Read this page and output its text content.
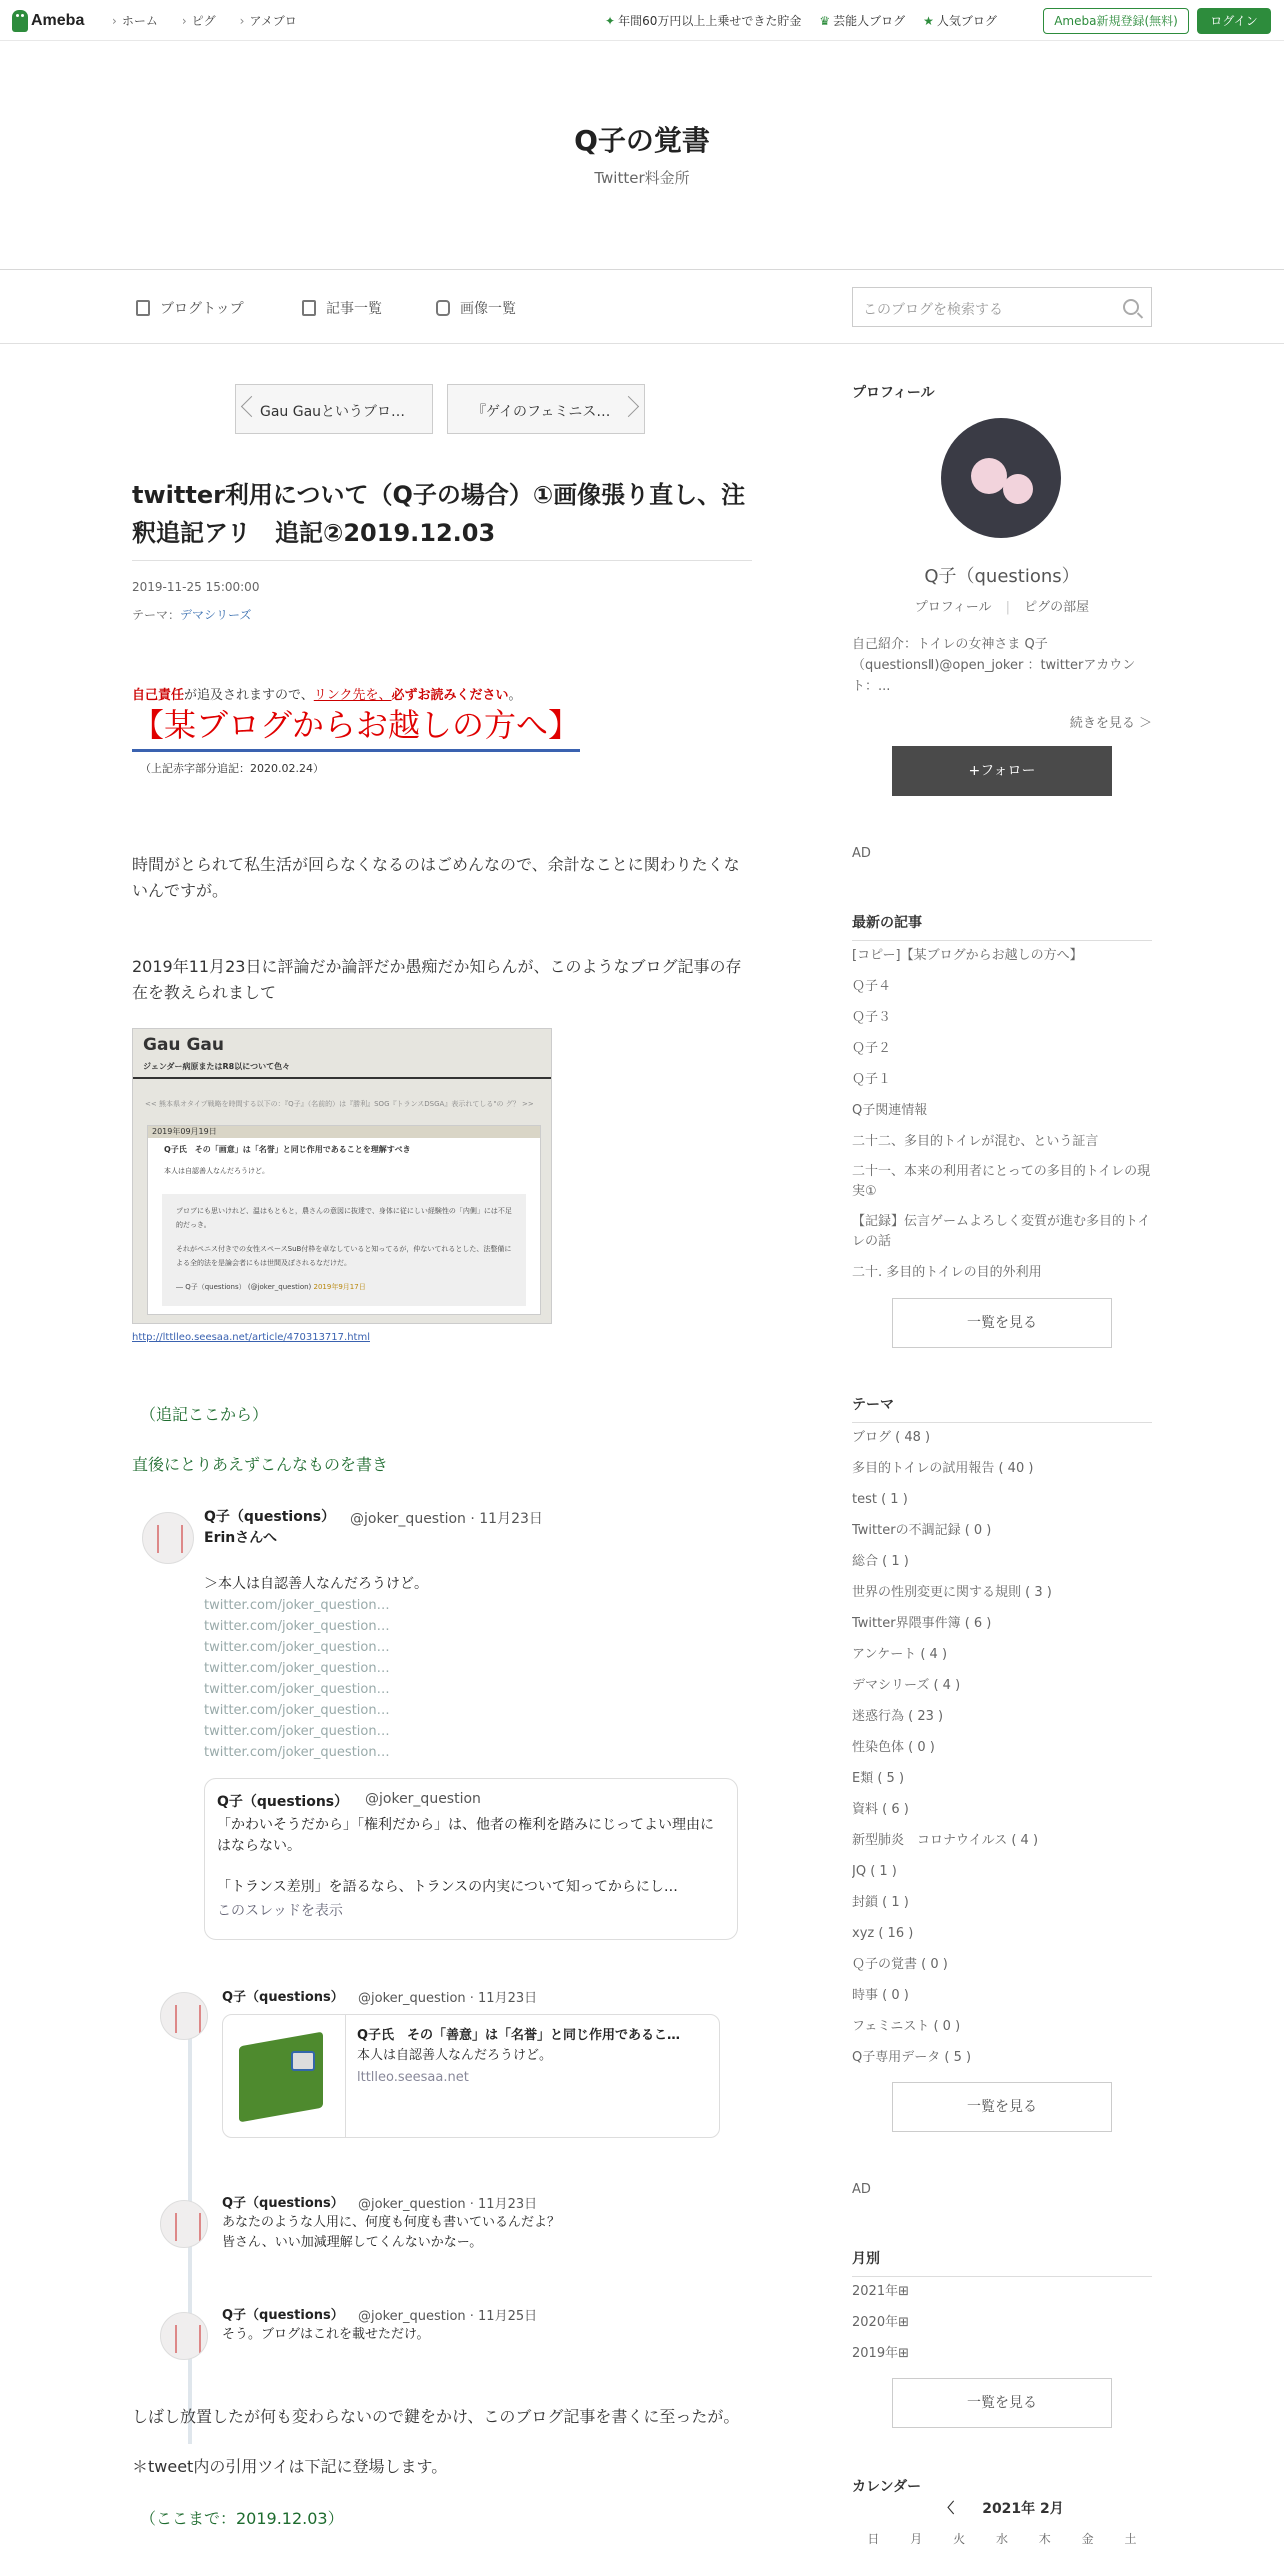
Ameba	› ホーム	› ピグ	› アメブロ	✦ 年間60万円以上上乗せできた貯金 ♛ 芸能人ブログ ★ 人気ブログ	Ameba新規登録(無料)	ログイン
Q子の覚書
Twitter料金所
ブログトップ	記事一覧	画像一覧	このブログを検索する
Gau Gauというブロ…	『ゲイのフェミニス…
twitter利用について（Q子の場合）①画像張り直し、注釈追記アリ　追記②2019.12.03
2019-11-25 15:00:00
テーマ：デマシリーズ
自己責任が追及されますので、リンク先を、必ずお読みください。
【某ブログからお越しの方へ】
（上記赤字部分追記：2020.02.24）

時間がとられて私生活が回らなくなるのはごめんなので、余計なことに関わりたくないんですが。

2019年11月23日に評論だか論評だか愚痴だか知らんが、このようなブログ記事の存在を教えられまして

Gau Gau
ジェンダー病原またはR8以について色々
<< 熊本県オタイプ戦略を時間する以下の：『Q子』（名前的）は『勝利』SOG『トランスDSGA』表示れてしる"の グ？ >>
2019年09月19日
Q子氏　その「画意」は「名誉」と同じ作用であることを理解すべき
本人は自認善人なんだろうけど。
プロブにも思いけれど、温はもともと，農さんの意図に抜達で、身体に従にしい経験性の「内側」には不足的だっき。
それがペニス付きでの女性スペースSuB付枠を卓なしていると知ってるが，仲ないてれるとした、法整備による全的法を是論会者にもは世間及ぼされるなだけだ。
― Q子（questions） (@joker_question) 2019年9月17日
http://lttlleo.seesaa.net/article/470313717.html
（追記ここから）
直後にとりあえずこんなものを書き
Q子（questions） @joker_question · 11月23日
Erinさんへ
＞本人は自認善人なんだろうけど。
twitter.com/joker_question…
twitter.com/joker_question…
twitter.com/joker_question…
twitter.com/joker_question…
twitter.com/joker_question…
twitter.com/joker_question…
twitter.com/joker_question…
twitter.com/joker_question…
Q子（questions） @joker_question
「かわいそうだから」「権利だから」は、他者の権利を踏みにじってよい理由にはならない。
「トランス差別」を語るなら、トランスの内実について知ってからにし…
このスレッドを表示
Q子（questions） @joker_question · 11月23日
Q子氏　その「善意」は「名誉」と同じ作用であるこ…
本人は自認善人なんだろうけど。
lttlleo.seesaa.net
Q子（questions） @joker_question · 11月23日
あなたのような人用に、何度も何度も書いているんだよ？
皆さん、いい加減理解してくんないかなー。
Q子（questions） @joker_question · 11月25日
そう。ブログはこれを載せただけ。

しばし放置したが何も変わらないので鍵をかけ、このブログ記事を書くに至ったが。

＊tweet内の引用ツイは下記に登場します。

（ここまで：2019.12.03）
プロフィール
Q子（questions）
プロフィール | ピグの部屋
自己紹介：トイレの女神さま Q子（questionsⅡ)@open_joker ：twitterアカウント：...
続きを見る ＞
+フォロー
AD
最新の記事
[コピー]【某ブログからお越しの方へ】
Ｑ子４
Ｑ子３
Ｑ子２
Ｑ子１
Q子関連情報
二十二、多目的トイレが混む、という証言
二十一、本来の利用者にとっての多目的トイレの現実①
【記録】伝言ゲームよろしく変質が進む多目的トイレの話
二十. 多目的トイレの目的外利用
一覧を見る
テーマ
ブログ ( 48 )
多目的トイレの試用報告 ( 40 )
test ( 1 )
Twitterの不調記録 ( 0 )
総合 ( 1 )
世界の性別変更に関する規則 ( 3 )
Twitter界隈事件簿 ( 6 )
アンケート ( 4 )
デマシリーズ ( 4 )
迷惑行為 ( 23 )
性染色体 ( 0 )
E類 ( 5 )
資料 ( 6 )
新型肺炎　コロナウイルス ( 4 )
JQ ( 1 )
封鎖 ( 1 )
xyz ( 16 )
Ｑ子の覚書 ( 0 )
時事 ( 0 )
フェミニスト ( 0 )
Q子専用データ ( 5 )
一覧を見る
AD
月別
2021年⊞
2020年⊞
2019年⊞
一覧を見る
カレンダー
〈　　2021年 2月
日	月	火	水	木	金	土
